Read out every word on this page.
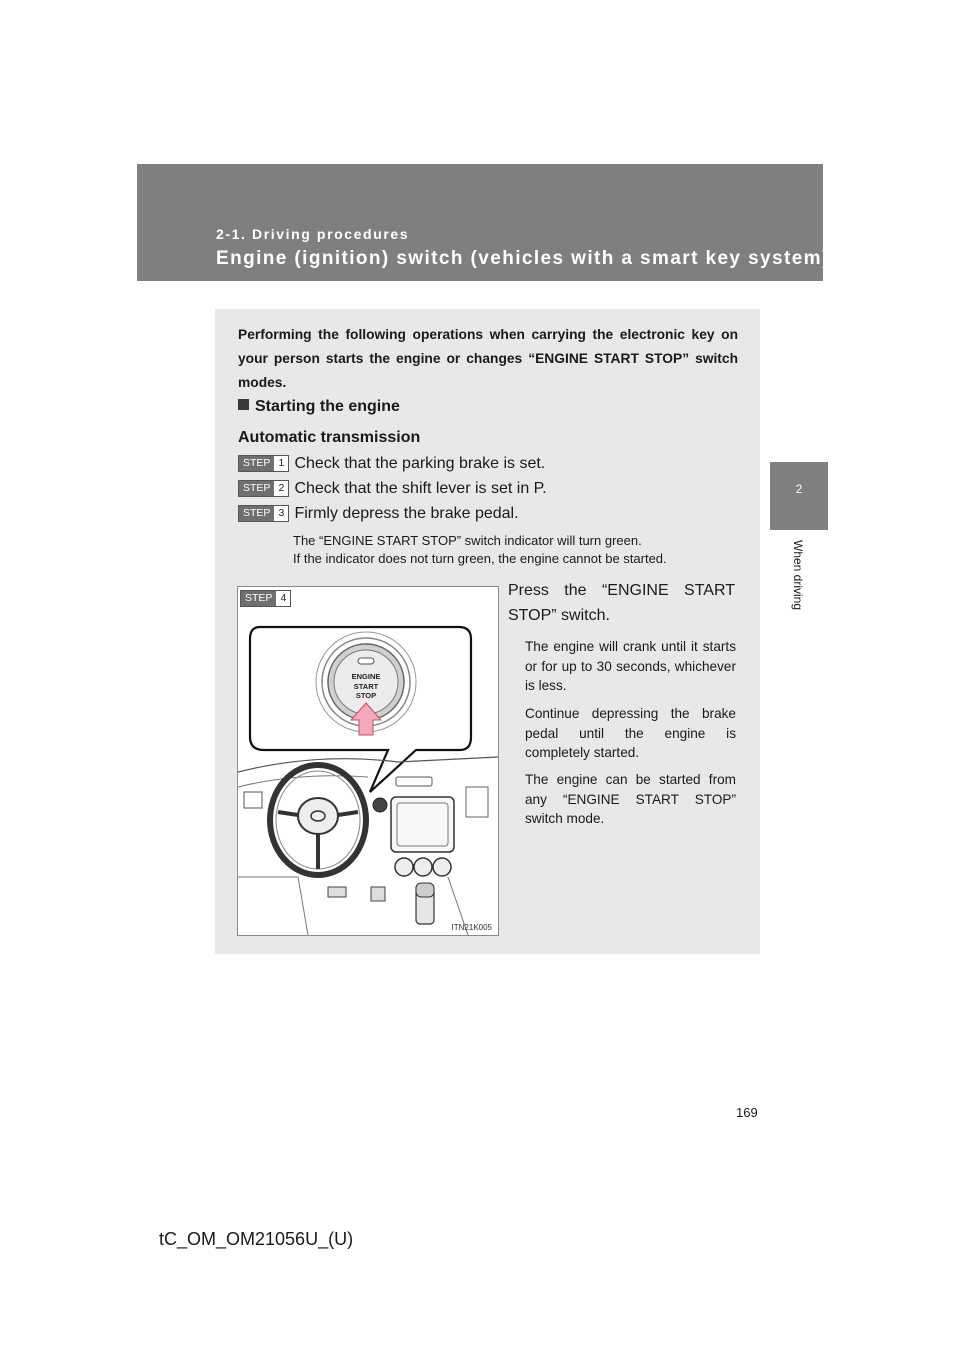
2-1. Driving procedures
Engine (ignition) switch (vehicles with a smart key system)
2
When driving
Performing the following operations when carrying the electronic key on your person starts the engine or changes “ENGINE START STOP” switch modes.
Starting the engine
Automatic transmission
STEP 1 Check that the parking brake is set.
STEP 2 Check that the shift lever is set in P.
STEP 3 Firmly depress the brake pedal.
The “ENGINE START STOP” switch indicator will turn green.
If the indicator does not turn green, the engine cannot be started.
STEP 4
ENGINE
START
STOP
ITN21K005
Press the “ENGINE START STOP” switch.
The engine will crank until it starts or for up to 30 seconds, whichever is less.
Continue depressing the brake pedal until the engine is completely started.
The engine can be started from any “ENGINE START STOP” switch mode.
169
tC_OM_OM21056U_(U)
